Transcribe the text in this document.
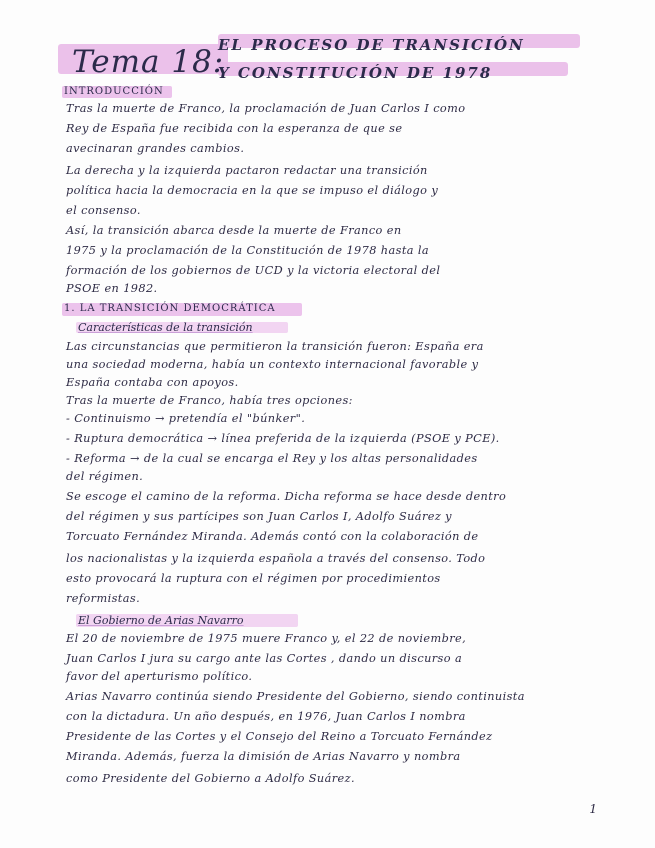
Tema 18:
EL PROCESO DE TRANSICIÓN
Y CONSTITUCIÓN DE 1978
INTRODUCCIÓN
Tras la muerte de Franco, la proclamación de Juan Carlos I como
Rey de España fue recibida con la esperanza de que se
avecinaran grandes cambios.
La derecha y la izquierda pactaron redactar una transición
política hacia la democracia en la que se impuso el diálogo y
el consenso.
Así, la transición abarca desde la muerte de Franco en
1975 y la proclamación de la Constitución de 1978 hasta la
formación de los gobiernos de UCD y la victoria electoral del
PSOE en 1982.
1. LA TRANSICIÓN DEMOCRÁTICA
Características de la transición
Las circunstancias que permitieron la transición fueron: España era
una sociedad moderna, había un contexto internacional favorable y
España contaba con apoyos.
Tras la muerte de Franco, había tres opciones:
- Continuismo → pretendía el "búnker".
- Ruptura democrática → línea preferida de la izquierda (PSOE y PCE).
- Reforma → de la cual se encarga el Rey y los altas personalidades
del régimen.
Se escoge el camino de la reforma. Dicha reforma se hace desde dentro
del régimen y sus partícipes son Juan Carlos I, Adolfo Suárez y
Torcuato Fernández Miranda. Además contó con la colaboración de
los nacionalistas y la izquierda española a través del consenso. Todo
esto provocará la ruptura con el régimen por procedimientos
reformistas.
El Gobierno de Arias Navarro
El 20 de noviembre de 1975 muere Franco y, el 22 de noviembre,
Juan Carlos I jura su cargo ante las Cortes , dando un discurso a
favor del aperturismo político.
Arias Navarro continúa siendo Presidente del Gobierno, siendo continuista
con la dictadura. Un año después, en 1976, Juan Carlos I nombra
Presidente de las Cortes y el Consejo del Reino a Torcuato Fernández
Miranda. Además, fuerza la dimisión de Arias Navarro y nombra
como Presidente del Gobierno a Adolfo Suárez.
1
